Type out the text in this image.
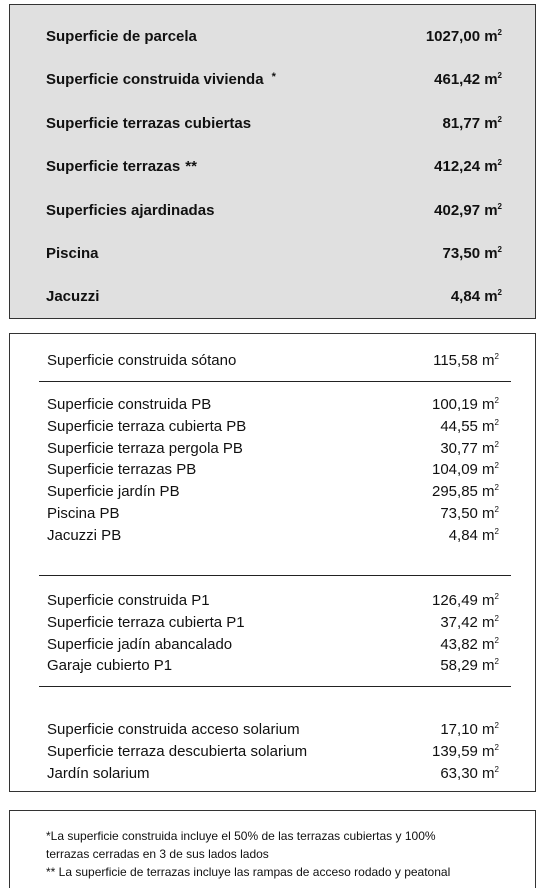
Superficie de parcela	1027,00 $m^2$
Superficie construida vivienda *	461,42 $m^2$
Superficie terrazas cubiertas	81,77 $m^2$
Superficie terrazas **	412,24 $m^2$
Superficies ajardinadas	402,97 $m^2$
Piscina	73,50 $m^2$
Jacuzzi	4,84 $m^2$
Superficie construida sótano	115,58 $m^2$
Superficie construida PB	100,19 $m^2$
Superficie terraza cubierta PB	44,55 $m^2$
Superficie terraza pergola PB	30,77 $m^2$
Superficie terrazas PB	104,09 $m^2$
Superficie jardín PB	295,85 $m^2$
Piscina PB	73,50 $m^2$
Jacuzzi PB	4,84 $m^2$
Superficie construida P1	126,49 $m^2$
Superficie terraza cubierta P1	37,42 $m^2$
Superficie jadín abancalado	43,82 $m^2$
Garaje cubierto P1	58,29 $m^2$
Superficie construida acceso solarium	17,10 $m^2$
Superficie terraza descubierta solarium	139,59 $m^2$
Jardín solarium	63,30 $m^2$
*La superficie construida incluye el 50% de las terrazas cubiertas y 100%
terrazas cerradas en 3 de sus lados lados
** La superficie de terrazas incluye las rampas de acceso rodado y peatonal
